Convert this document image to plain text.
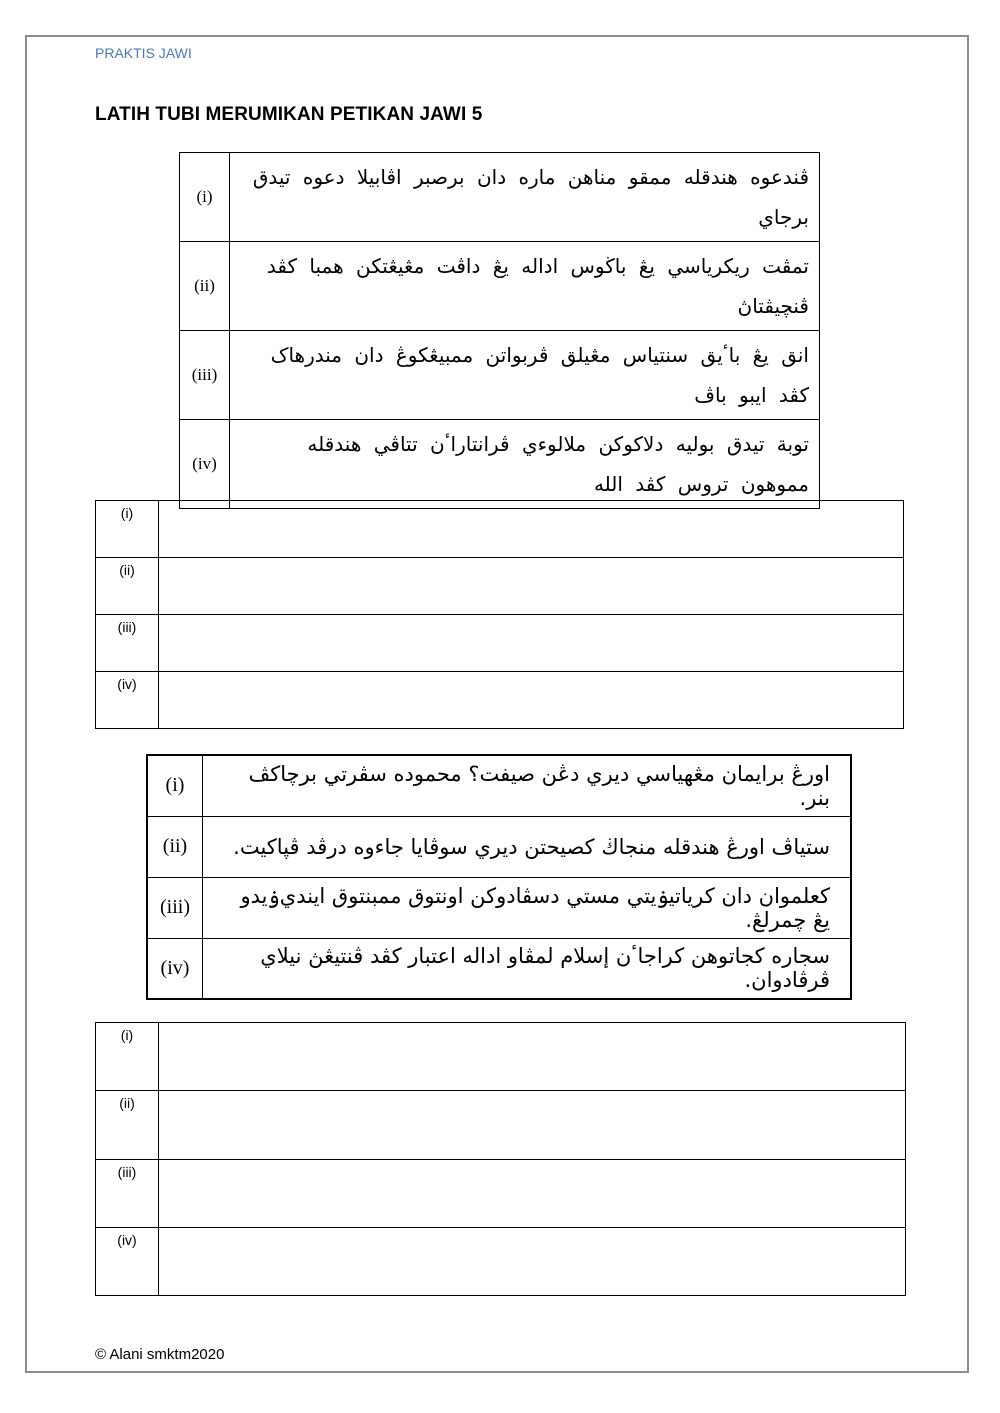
PRAKTIS JAWI
LATIH TUBI MERUMIKAN PETIKAN JAWI 5
(i)	ڤندعوه هندقله ممقو مناهن ماره دان برصبر اڤابيلا دعوه تيدق برجاي
(ii)	تمڤت ريکرياسي يڠ باڬوس اداله يڠ داڤت مڠيڠتکن همبا کڤد ڤنچيڤتاڽ
(iii)	انق يڠ باٴيق سنتياس مڠيلق ڤربواتن ممبيڠکوڠ دان مندرهاک کڤد ايبو باڤ
(iv)	توبة تيدق بوليه دلاکوکن ملالوءي ڤرانتاراٴن تتاڤي هندقله مموهون تروس کڤد الله
(i)	
(ii)	
(iii)	
(iv)	
(i)	اورڠ برايمان مڠهياسي ديري دڠن صيفت؟ محموده سڤرتي برچاکڤ بنر.
(ii)	ستياڤ اورڠ هندقله منجاڬ کصيحتن ديري سوڤايا جاءوه درڤد ڤپاکيت.
(iii)	کعلموان دان کرياتيۏيتي مستي دسڤادوکن اونتوق ممبنتوق ايندي‌ۏيدو يڠ چمرلڠ.
(iv)	سجاره کجاتوهن کراجاٴن إسلام لمڤاو اداله اعتبار کڤد ڤنتيڠڽ نيلاي ڤرڤادوان.
(i)	
(ii)	
(iii)	
(iv)	
© Alani smktm2020
